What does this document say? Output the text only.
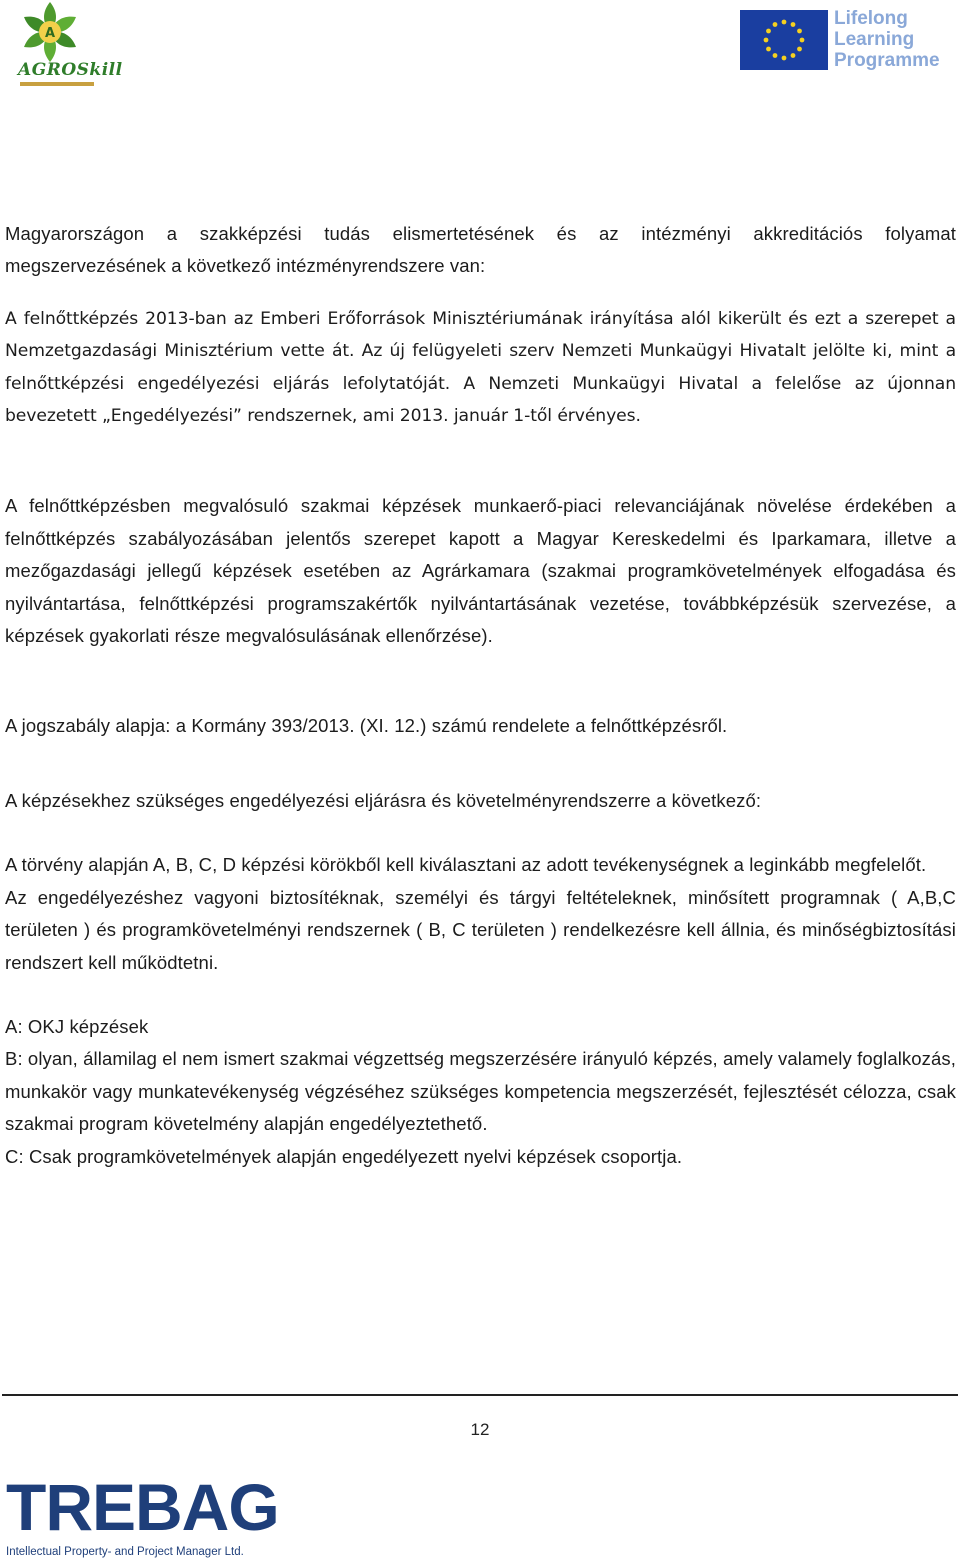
A
AGROSkill
Lifelong
Learning
Programme

Magyarországon a szakképzési tudás elismertetésének és az intézményi akkreditációs folyamat megszervezésének a következő intézményrendszere van:

A felnőttképzés 2013-ban az Emberi Erőforrások Minisztériumának irányítása alól kikerült és ezt a szerepet a Nemzetgazdasági Minisztérium vette át. Az új felügyeleti szerv Nemzeti Munkaügyi Hivatalt jelölte ki, mint a felnőttképzési engedélyezési eljárás lefolytatóját. A Nemzeti Munkaügyi Hivatal a felelőse az újonnan bevezetett „Engedélyezési” rendszernek, ami 2013. január 1-től érvényes.

A felnőttképzésben megvalósuló szakmai képzések munkaerő-piaci relevanciájának növelése érdekében a felnőttképzés szabályozásában jelentős szerepet kapott a Magyar Kereskedelmi és Iparkamara, illetve a mezőgazdasági jellegű képzések esetében az Agrárkamara (szakmai programkövetelmények elfogadása és nyilvántartása, felnőttképzési programszakértők nyilvántartásának vezetése, továbbképzésük szervezése, a képzések gyakorlati része megvalósulásának ellenőrzése).

A jogszabály alapja: a Kormány 393/2013. (XI. 12.) számú rendelete a felnőttképzésről.

A képzésekhez szükséges engedélyezési eljárásra és követelményrendszerre a következő:

A törvény alapján A, B, C, D képzési körökből kell kiválasztani az adott tevékenységnek a leginkább megfelelőt.

Az engedélyezéshez vagyoni biztosítéknak, személyi és tárgyi feltételeknek, minősített programnak ( A,B,C területen ) és programkövetelményi rendszernek ( B, C területen ) rendelkezésre kell állnia, és minőségbiztosítási rendszert kell működtetni.

A: OKJ képzések

B: olyan, államilag el nem ismert szakmai végzettség megszerzésére irányuló képzés, amely valamely foglalkozás, munkakör vagy munkatevékenység végzéséhez szükséges kompetencia megszerzését, fejlesztését célozza, csak szakmai program követelmény alapján engedélyeztethető.

C: Csak programkövetelmények alapján engedélyezett nyelvi képzések csoportja.

12
TREBAG
Intellectual Property- and Project Manager Ltd.
